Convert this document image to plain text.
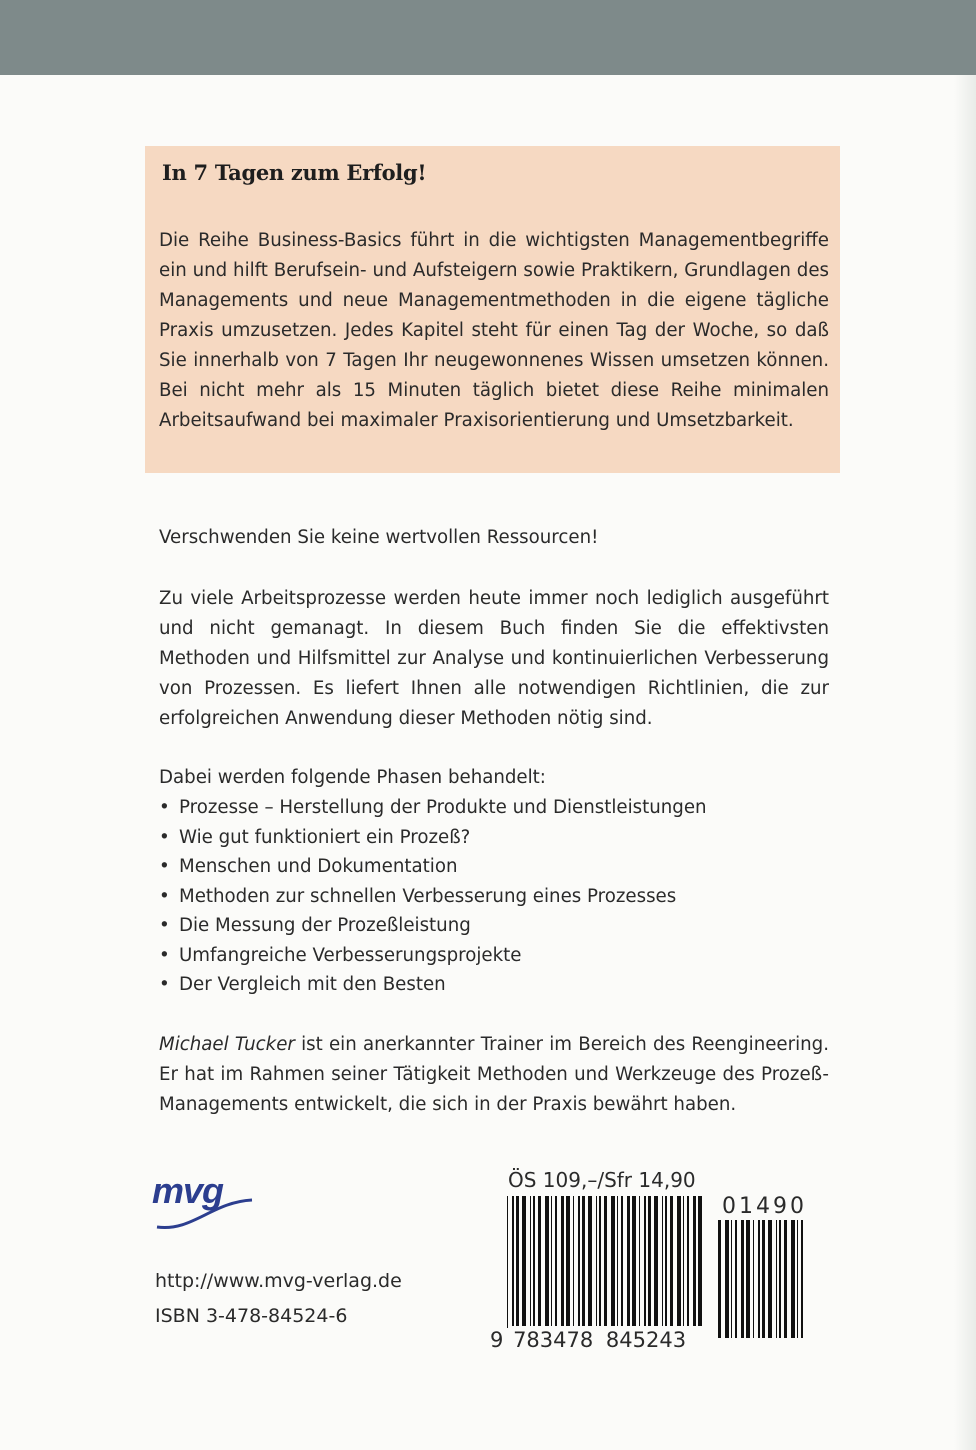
In 7 Tagen zum Erfolg!

Die Reihe Business-Basics führt in die wichtigsten Managementbegriffe ein und hilft Berufsein- und Aufsteigern sowie Praktikern, Grundlagen des Managements und neue Managementmethoden in die eigene tägliche Praxis umzusetzen. Jedes Kapitel steht für einen Tag der Woche, so daß Sie innerhalb von 7 Tagen Ihr neugewonnenes Wissen umsetzen können. Bei nicht mehr als 15 Minuten täglich bietet diese Reihe minimalen Arbeitsaufwand bei maximaler Praxisorientierung und Umsetzbarkeit.

Verschwenden Sie keine wertvollen Ressourcen!

Zu viele Arbeitsprozesse werden heute immer noch lediglich ausgeführt und nicht gemanagt. In diesem Buch finden Sie die effektivsten Methoden und Hilfsmittel zur Analyse und kontinuierlichen Verbesserung von Prozessen. Es liefert Ihnen alle notwendigen Richtlinien, die zur erfolgreichen Anwendung dieser Methoden nötig sind.

Dabei werden folgende Phasen behandelt:

• Prozesse – Herstellung der Produkte und Dienstleistungen
• Wie gut funktioniert ein Prozeß?
• Menschen und Dokumentation
• Methoden zur schnellen Verbesserung eines Prozesses
• Die Messung der Prozeßleistung
• Umfangreiche Verbesserungsprojekte
• Der Vergleich mit den Besten

Michael Tucker ist ein anerkannter Trainer im Bereich des Reengineering. Er hat im Rahmen seiner Tätigkeit Methoden und Werkzeuge des Prozeß-Managements entwickelt, die sich in der Praxis bewährt haben.

mvg
http://www.mvg-verlag.de
ISBN 3-478-84524-6
ÖS 109,–/Sfr 14,90
01490
9 783478 845243
